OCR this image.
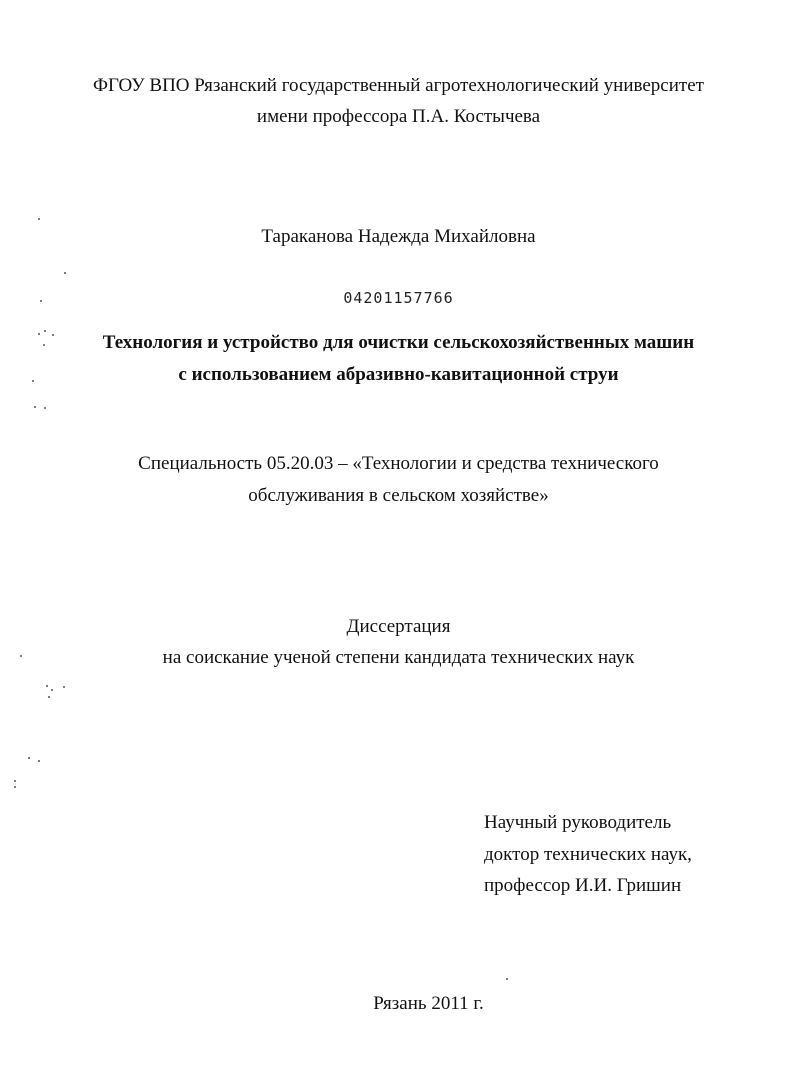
ФГОУ ВПО Рязанский государственный агротехнологический университет
имени профессора П.А. Костычева
Тараканова Надежда Михайловна
04201157766
Технология и устройство для очистки сельскохозяйственных машин
с использованием абразивно-кавитационной струи
Специальность 05.20.03 – «Технологии и средства технического
обслуживания в сельском хозяйстве»
Диссертация
на соискание ученой степени кандидата технических наук
Научный руководитель
доктор технических наук,
профессор И.И. Гришин
Рязань 2011 г.
